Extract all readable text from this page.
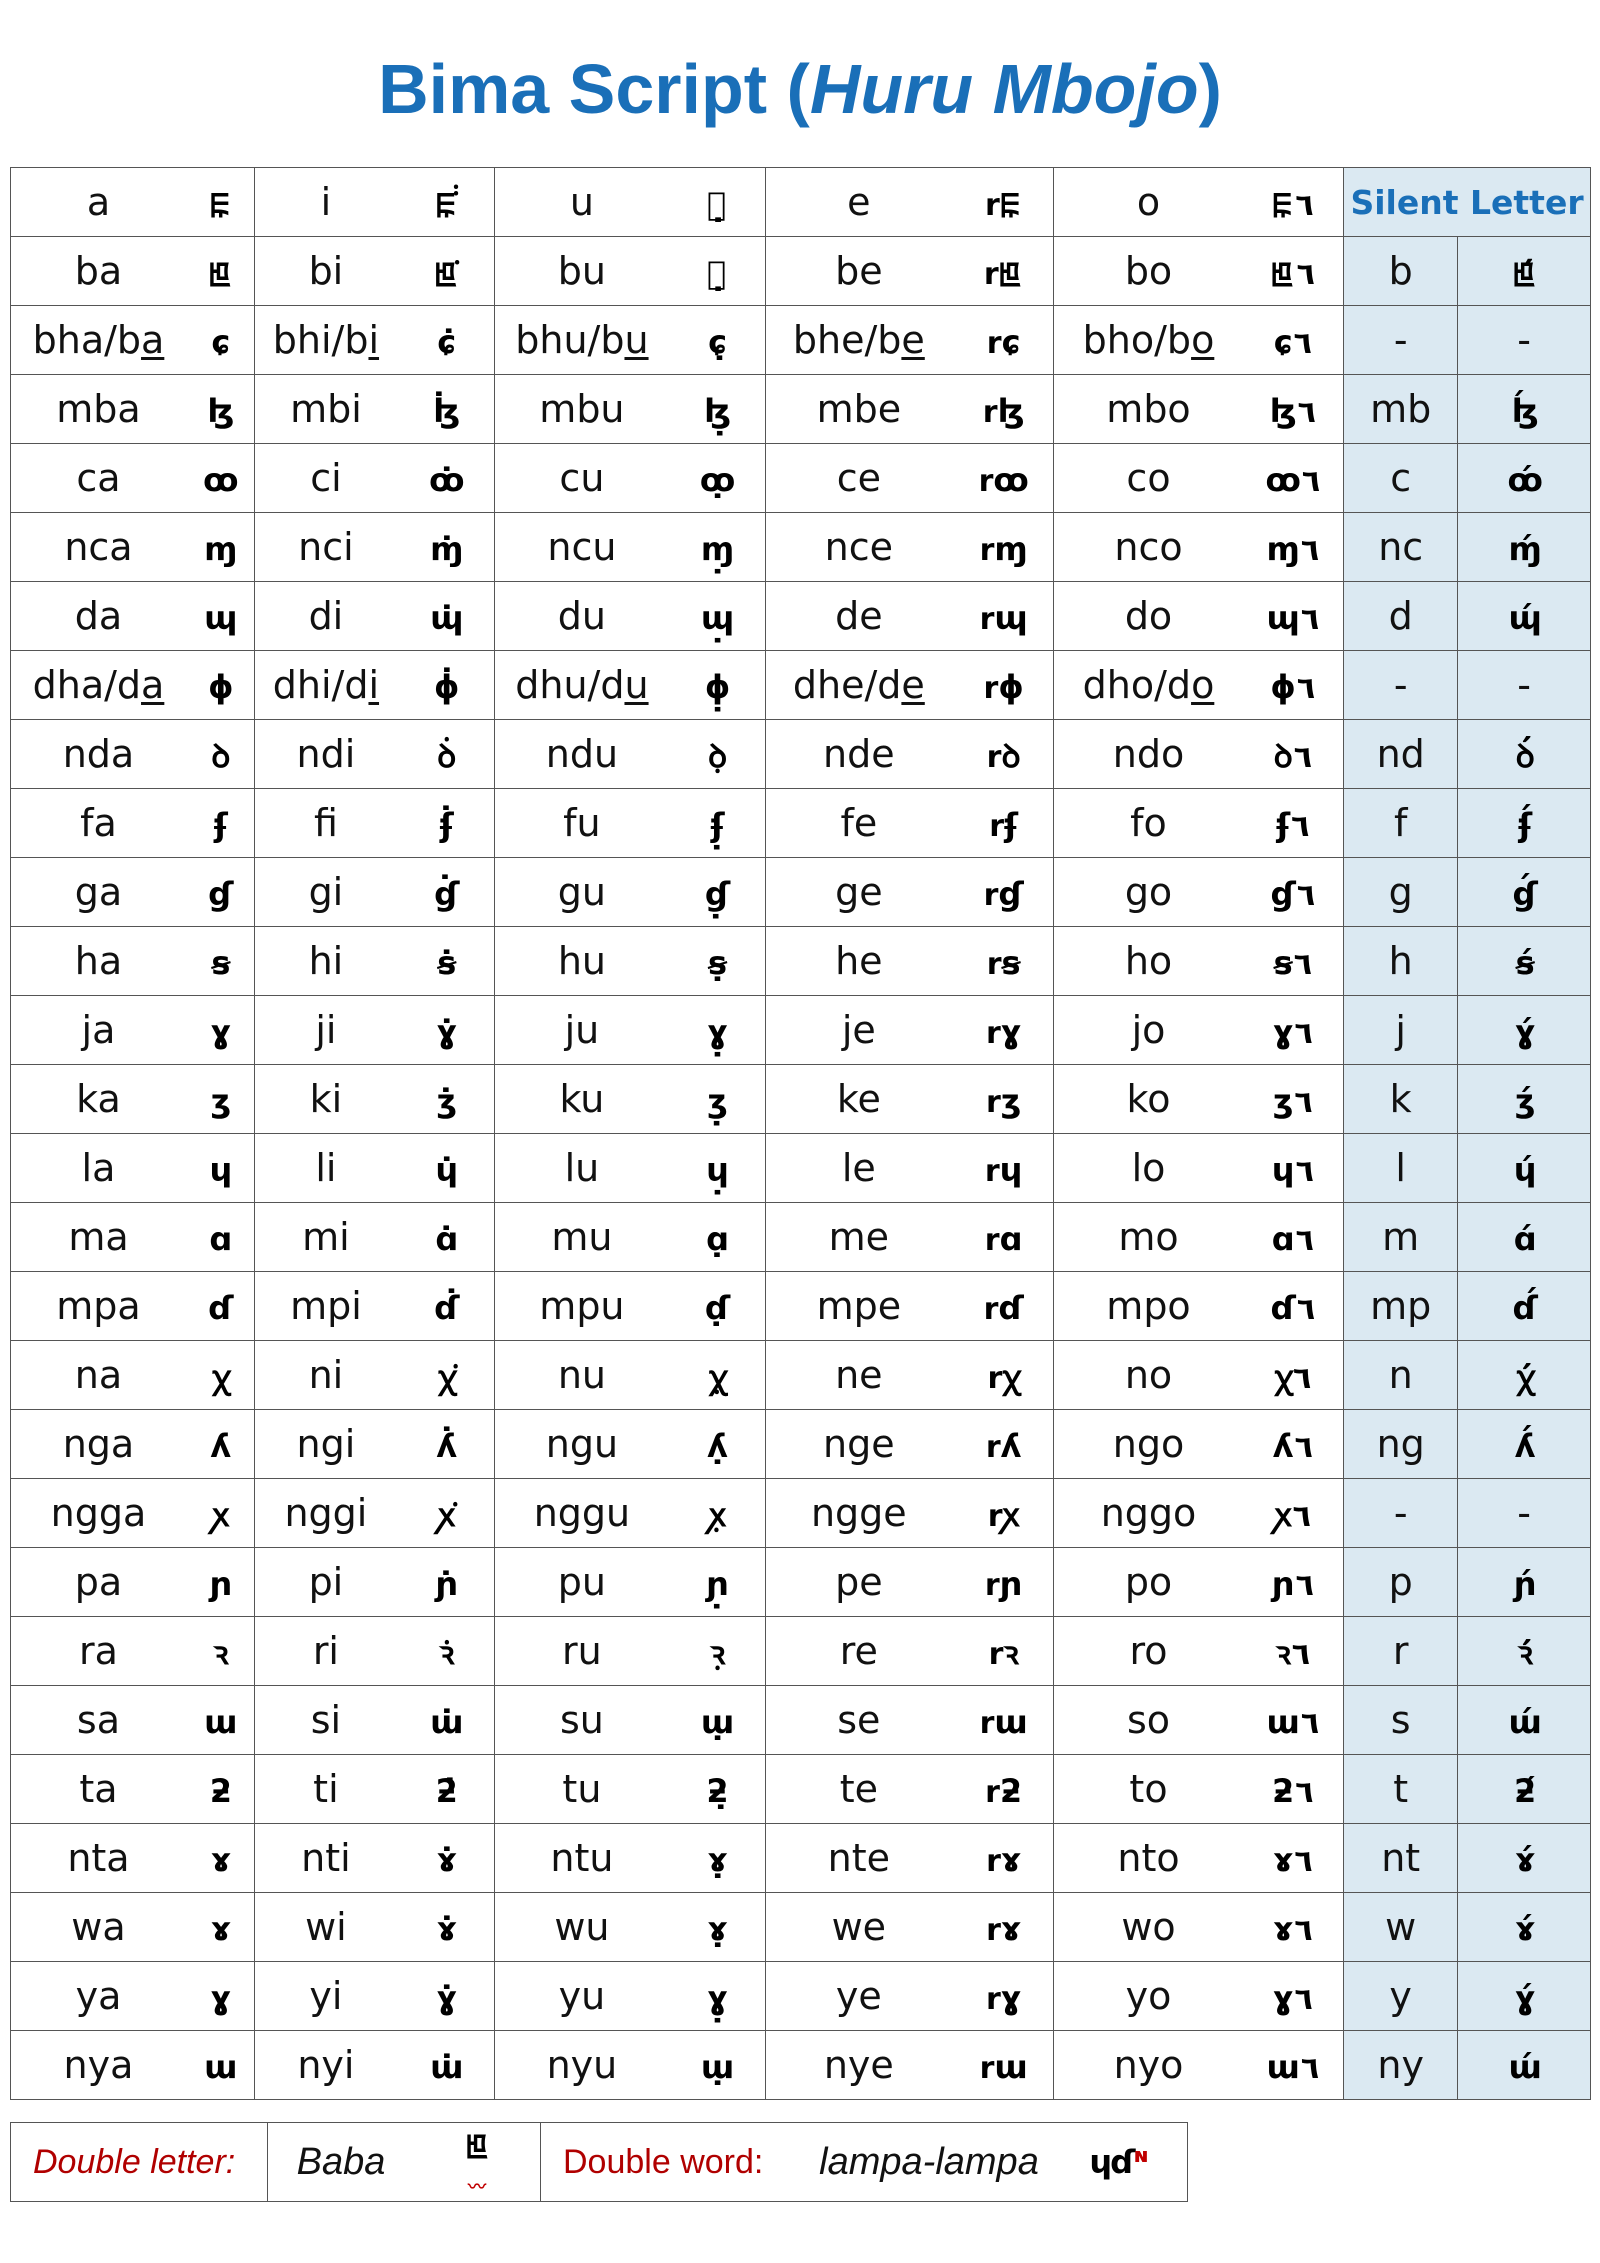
Bima Script (Huru Mbojo)
a	ꡀ	i	ꡀ̇̇	u	ꡀ̣̣	e	rꡀ	o	ꡀ ٦	Silent Letter	
ba	ꡁ	bi	ꡁ̇	bu	ꡁ̣	be	rꡁ	bo	ꡁ ٦	b	ꡁ́
bha/ba	ɕ	bhi/bi	ɕ̇	bhu/bu	ɕ̣	bhe/be	rɕ	bho/bo	ɕ ٦	-	-
mba	ɮ	mbi	ɮ̇	mbu	ɮ̣	mbe	rɮ	mbo	ɮ ٦	mb	ɮ́
ca	ꝏ	ci	ꝏ̇	cu	ꝏ̣	ce	rꝏ	co	ꝏ ٦	c	ꝏ́
nca	ɱ	nci	ɱ̇	ncu	ɱ̣	nce	rɱ	nco	ɱ ٦	nc	ɱ́
da	ɰ	di	ɰ̇	du	ɰ̣	de	rɰ	do	ɰ ٦	d	ɰ́
dha/da	ɸ	dhi/di	ɸ̇	dhu/du	ɸ̣	dhe/de	rɸ	dho/do	ɸ ٦	-	-
nda	ꝺ	ndi	ꝺ̇	ndu	ꝺ̣	nde	rꝺ	ndo	ꝺ ٦	nd	ꝺ́
fa	ʄ	fi	ʄ̇	fu	ʄ̣	fe	rʄ	fo	ʄ ٦	f	ʄ́
ga	ɠ	gi	ɠ̇	gu	ɠ̣	ge	rɠ	go	ɠ ٦	g	ɠ́
ha	ꞩ	hi	ꞩ̇	hu	ꞩ̣	he	rꞩ	ho	ꞩ ٦	h	ꞩ́
ja	ɣ	ji	ɣ̇	ju	ɣ̣	je	rɣ	jo	ɣ ٦	j	ɣ́
ka	ʒ	ki	ʒ̇	ku	ʒ̣	ke	rʒ	ko	ʒ ٦	k	ʒ́
la	ɥ	li	ɥ̇	lu	ɥ̣	le	rɥ	lo	ɥ ٦	l	ɥ́
ma	ɑ	mi	ɑ̇	mu	ɑ̣	me	rɑ	mo	ɑ ٦	m	ɑ́
mpa	ɗ	mpi	ɗ̇	mpu	ɗ̣	mpe	rɗ	mpo	ɗ ٦	mp	ɗ́
na	ꭓ	ni	ꭓ̇	nu	ꭓ̣	ne	rꭓ	no	ꭓ ٦	n	ꭓ́
nga	ʎ	ngi	ʎ̇	ngu	ʎ̣	nge	rʎ	ngo	ʎ ٦	ng	ʎ́
ngga	ꭗ	nggi	ꭗ̇	nggu	ꭗ̣	ngge	rꭗ	nggo	ꭗ ٦	-	-
pa	ɲ	pi	ɲ̇	pu	ɲ̣	pe	rɲ	po	ɲ ٦	p	ɲ́
ra	ꝛ	ri	ꝛ̇	ru	ꝛ̣	re	rꝛ	ro	ꝛ ٦	r	ꝛ́
sa	ɯ	si	ɯ̇	su	ɯ̣	se	rɯ	so	ɯ ٦	s	ɯ́
ta	ƻ	ti	ƻ̇	tu	ƻ̣	te	rƻ	to	ƻ ٦	t	ƻ́
nta	ɤ	nti	ɤ̇	ntu	ɤ̣	nte	rɤ	nto	ɤ ٦	nt	ɤ́
wa	ɤ	wi	ɤ̇	wu	ɤ̣	we	rɤ	wo	ɤ ٦	w	ɤ́
ya	ɣ	yi	ɣ̇	yu	ɣ̣	ye	rɣ	yo	ɣ ٦	y	ɣ́
nya	ɯ	nyi	ɯ̇	nyu	ɯ̣	nye	rɯ	nyo	ɯ ٦	ny	ɯ́
Double letter:	Baba	ꡁ
〰	Double word:	lampa-lampa	ɥɗᶰ
